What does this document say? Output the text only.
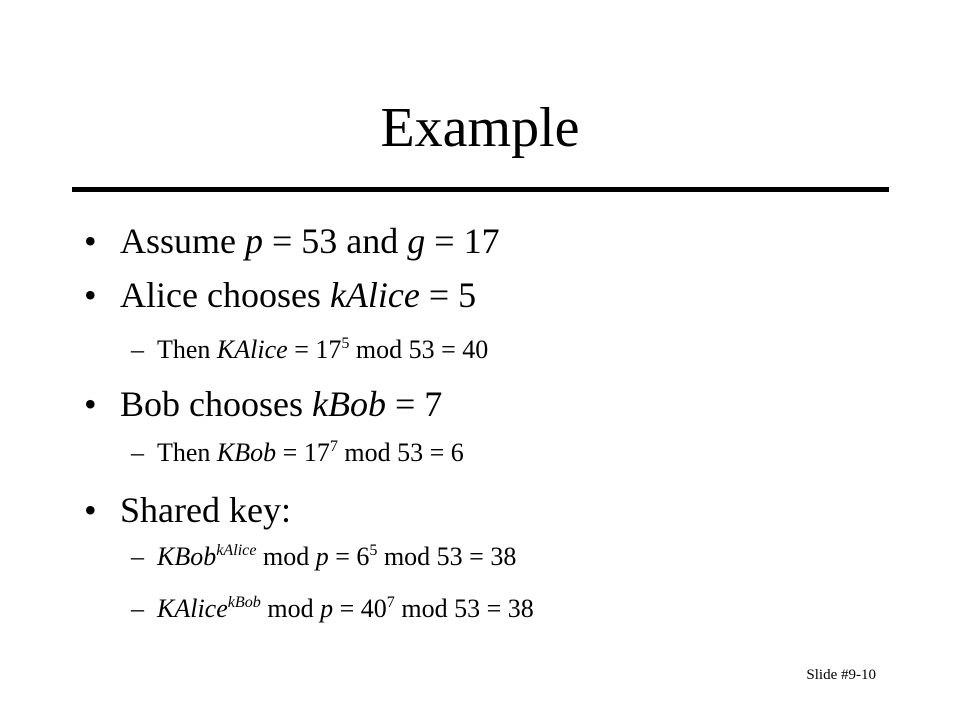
Example
• Assume p = 53 and g = 17
• Alice chooses kAlice = 5
– Then KAlice = $17^5$ mod 53 = 40
• Bob chooses kBob = 7
– Then KBob = $17^7$ mod 53 = 6
• Shared key:
– KBob$^{kAlice}$ mod $p = 6^5$ mod 53 = 38
– KAlice$^{kBob}$ mod $p = 40^7$ mod 53 = 38
Slide #9-10
